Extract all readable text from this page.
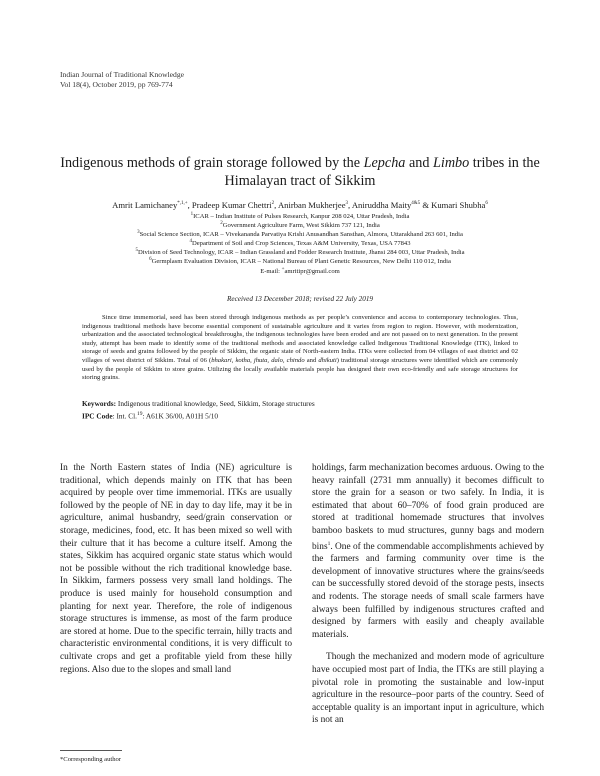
Indian Journal of Traditional Knowledge
Vol 18(4), October 2019, pp 769-774
Indigenous methods of grain storage followed by the Lepcha and Limbo tribes in the Himalayan tract of Sikkim
Amrit Lamichaney$^{*,1,+}$, Pradeep Kumar Chettri$^2$, Anirban Mukherjee$^3$, Aniruddha Maity$^{4\&5}$ & Kumari Shubha$^6$
$^1$ICAR – Indian Institute of Pulses Research, Kanpur 208 024, Uttar Pradesh, India
$^2$Government Agriculture Farm, West Sikkim 737 121, India
$^3$Social Science Section, ICAR – Vivekananda Parvatiya Krishi Anusandhan Sansthan, Almora, Uttarakhand 263 601, India
$^4$Department of Soil and Crop Sciences, Texas A&M University, Texas, USA 77843
$^5$Division of Seed Technology, ICAR – Indian Grassland and Fodder Research Institute, Jhansi 284 003, Uttar Pradesh, India
$^6$Germplasm Evaluation Division, ICAR – National Bureau of Plant Genetic Resources, New Delhi 110 012, India
E-mail: +amritipr@gmail.com
Received 13 December 2018; revised 22 July 2019

Since time immemorial, seed has been stored through indigenous methods as per people’s convenience and access to contemporary technologies. Thus, indigenous traditional methods have become essential component of sustainable agriculture and it varies from region to region. However, with modernization, urbanization and the associated technological breakthroughs, the indigenous technologies have been eroded and are not passed on to next generation. In the present study, attempt has been made to identify some of the traditional methods and associated knowledge called Indigenous Traditional Knowledge (ITK), linked to storage of seeds and grains followed by the people of Sikkim, the organic state of North-eastern India. ITKs were collected from 04 villages of east district and 02 villages of west district of Sikkim. Total of 06 (bhakari, kotha, jhuta, dalo, chindo and dhikuti) traditional storage structures were identified which are commonly used by the people of Sikkim to store grains. Utilizing the locally available materials people has designed their own eco-friendly and safe storage structures for storing grains.

Keywords: Indigenous traditional knowledge, Seed, Sikkim, Storage structures
IPC Code: Int. Cl.$^{19}$: A61K 36/00, A01H 5/10

In the North Eastern states of India (NE) agriculture is traditional, which depends mainly on ITK that has been acquired by people over time immemorial. ITKs are usually followed by the people of NE in day to day life, may it be in agriculture, animal husbandry, seed/grain conservation or storage, medicines, food, etc. It has been mixed so well with their culture that it has become a culture itself. Among the states, Sikkim has acquired organic state status which would not be possible without the rich traditional knowledge base. In Sikkim, farmers possess very small land holdings. The produce is used mainly for household consumption and planting for next year. Therefore, the role of indigenous storage structures is immense, as most of the farm produce are stored at home. Due to the specific terrain, hilly tracts and characteristic environmental conditions, it is very difficult to cultivate crops and get a profitable yield from these hilly regions. Also due to the slopes and small land

holdings, farm mechanization becomes arduous. Owing to the heavy rainfall (2731 mm annually) it becomes difficult to store the grain for a season or two safely. In India, it is estimated that about 60–70% of food grain produced are stored at traditional homemade structures that involves bamboo baskets to mud structures, gunny bags and modern bins$^1$. One of the commendable accomplishments achieved by the farmers and farming community over time is the development of innovative structures where the grains/seeds can be successfully stored devoid of the storage pests, insects and rodents. The storage needs of small scale farmers have always been fulfilled by indigenous structures crafted and designed by farmers with easily and cheaply available materials.

Though the mechanized and modern mode of agriculture have occupied most part of India, the ITKs are still playing a pivotal role in promoting the sustainable and low-input agriculture in the resource–poor parts of the country. Seed of acceptable quality is an important input in agriculture, which is not an

*Corresponding author
